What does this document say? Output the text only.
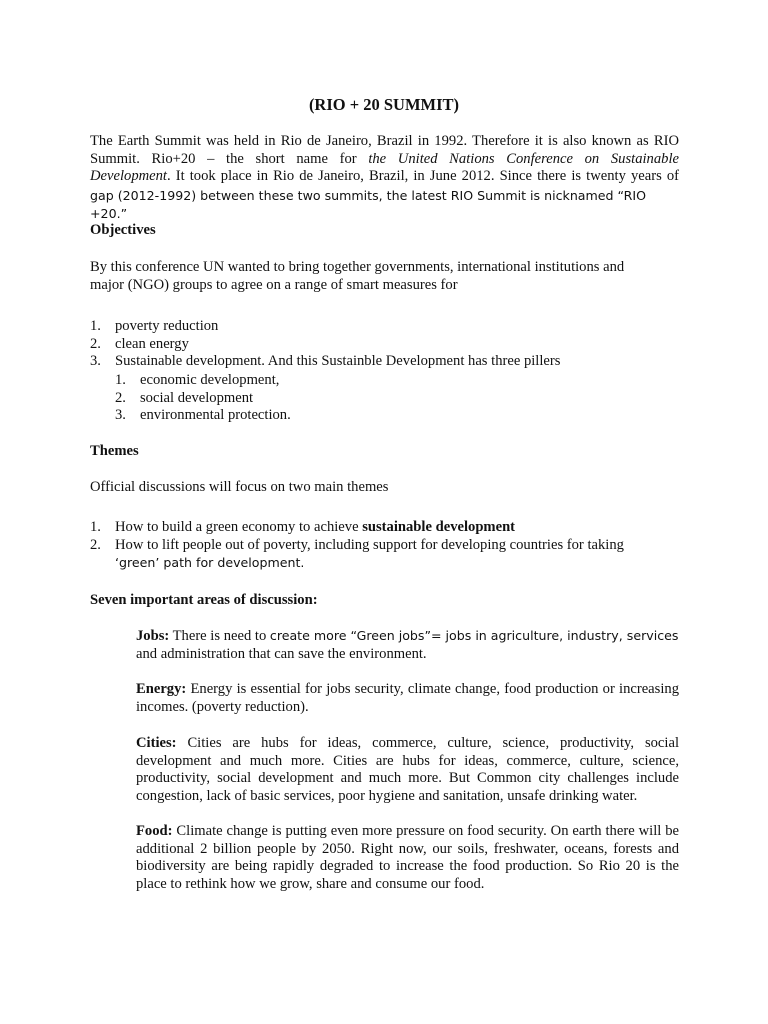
(RIO + 20 SUMMIT)
The Earth Summit was held in Rio de Janeiro, Brazil in 1992. Therefore it is also known as RIO
Summit. Rio+20 – the short name for the United Nations Conference on Sustainable
Development. It took place in Rio de Janeiro, Brazil, in June 2012. Since there is twenty years of
gap (2012-1992) between these two summits, the latest RIO Summit is nicknamed “RIO +20.”
Objectives
By this conference UN wanted to bring together governments, international institutions and major (NGO) groups to agree on a range of smart measures for
1. poverty reduction
2. clean energy
3. Sustainable development. And this Sustainble Development has three pillers
1. economic development,
2. social development
3. environmental protection.
Themes
Official discussions will focus on two main themes
1. How to build a green economy to achieve sustainable development
2. How to lift people out of poverty, including support for developing countries for taking
‘green’ path for development.
Seven important areas of discussion:
Jobs: There is need to create more “Green jobs”= jobs in agriculture, industry, services
and administration that can save the environment.
Energy: Energy is essential for jobs security, climate change, food production or increasing incomes. (poverty reduction).
Cities: Cities are hubs for ideas, commerce, culture, science, productivity, social development and much more. Cities are hubs for ideas, commerce, culture, science, productivity, social development and much more. But Common city challenges include congestion, lack of basic services, poor hygiene and sanitation, unsafe drinking water.
Food: Climate change is putting even more pressure on food security. On earth there will be additional 2 billion people by 2050. Right now, our soils, freshwater, oceans, forests and biodiversity are being rapidly degraded to increase the food production. So Rio 20 is the place to rethink how we grow, share and consume our food.
